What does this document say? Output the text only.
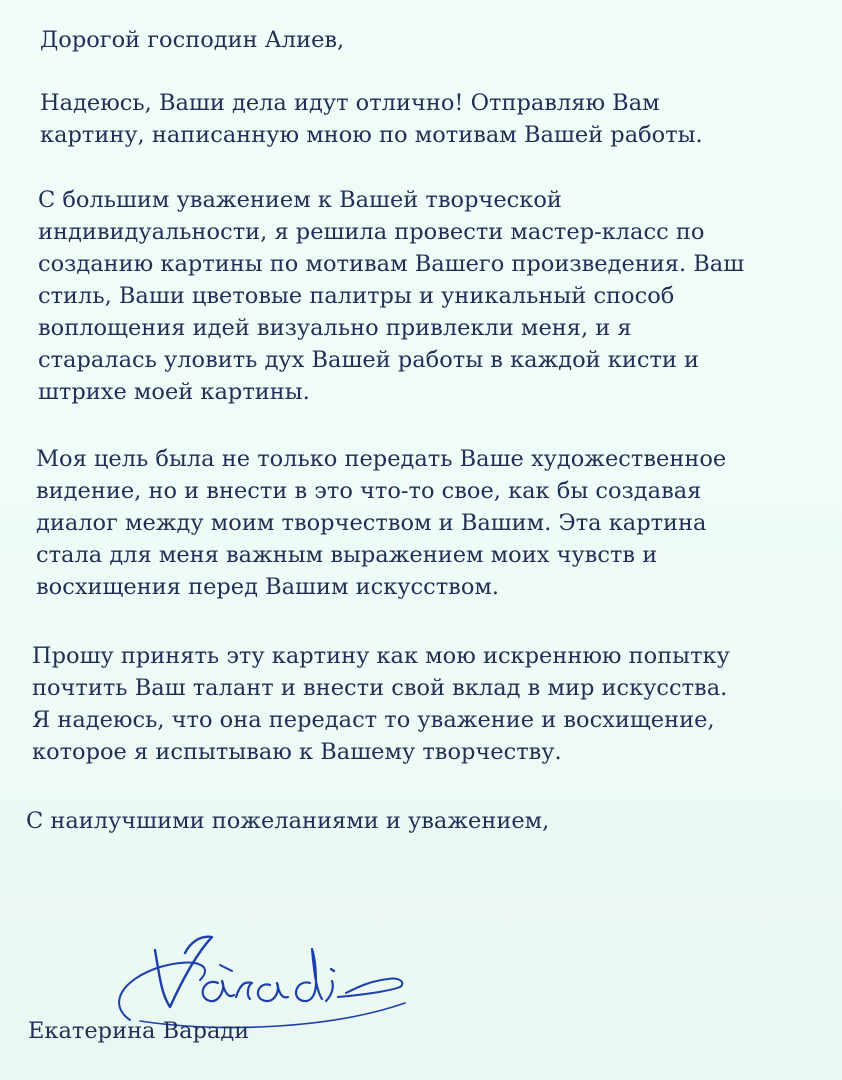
Дорогой господин Алиев,

Надеюсь, Ваши дела идут отлично! Отправляю Вам
картину, написанную мною по мотивам Вашей работы.

С большим уважением к Вашей творческой
индивидуальности, я решила провести мастер-класс по
созданию картины по мотивам Вашего произведения. Ваш
стиль, Ваши цветовые палитры и уникальный способ
воплощения идей визуально привлекли меня, и я
старалась уловить дух Вашей работы в каждой кисти и
штрихе моей картины.

Моя цель была не только передать Ваше художественное
видение, но и внести в это что-то свое, как бы создавая
диалог между моим творчеством и Вашим. Эта картина
стала для меня важным выражением моих чувств и
восхищения перед Вашим искусством.

Прошу принять эту картину как мою искреннюю попытку
почтить Ваш талант и внести свой вклад в мир искусства.
Я надеюсь, что она передаст то уважение и восхищение,
которое я испытываю к Вашему творчеству.

С наилучшими пожеланиями и уважением,

Екатерина Варади
